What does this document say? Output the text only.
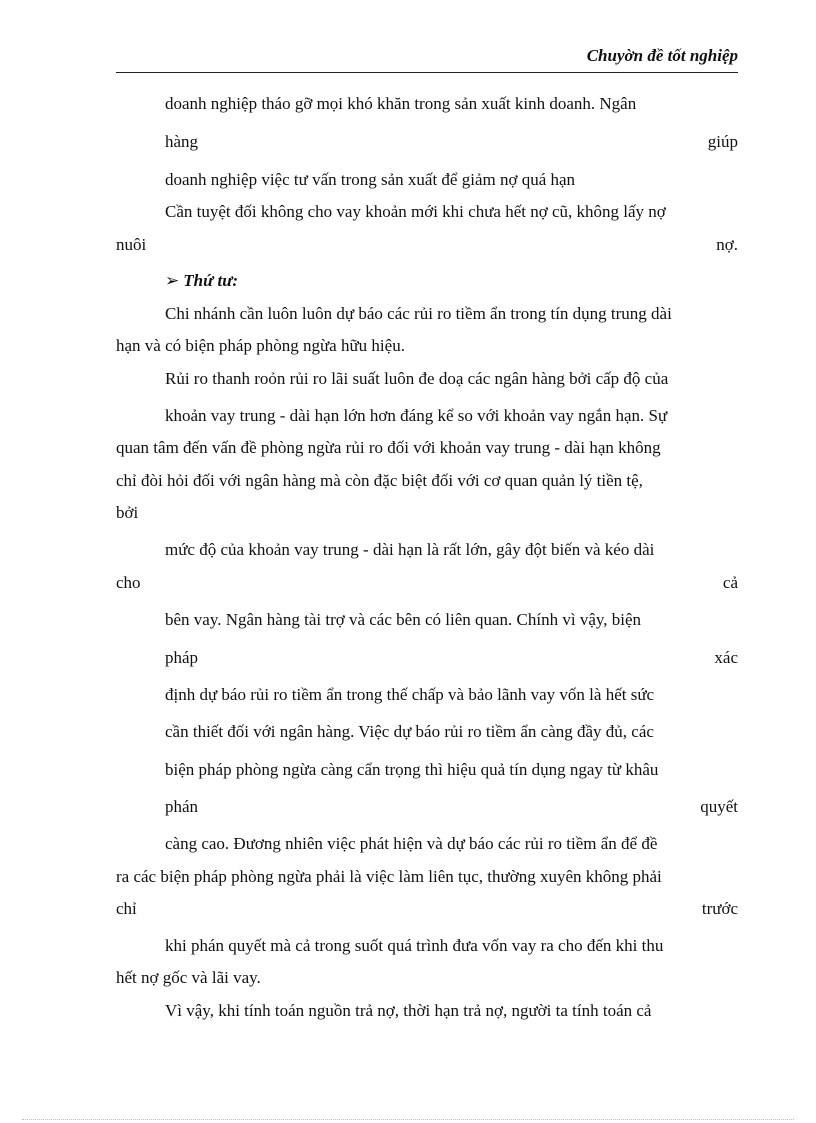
Chuyờn đề tốt nghiệp
doanh nghiệp tháo gỡ mọi khó khăn trong sản xuất kinh doanh. Ngân
hàng	giúp
doanh nghiệp việc tư vấn trong sản xuất để giảm nợ quá hạn
Cần tuyệt đối không cho vay khoản mới khi chưa hết nợ cũ, không lấy nợ
nuôi	nợ.
➢ Thứ tư:
Chi nhánh cần luôn luôn dự báo các rủi ro tiềm ẩn trong tín dụng trung dài
hạn và có biện pháp phòng ngừa hữu hiệu.
Rủi ro thanh roỏn rủi ro lãi suất luôn đe doạ các ngân hàng bởi cấp độ của
khoản vay trung - dài hạn lớn hơn đáng kể so với khoản vay ngắn hạn. Sự
quan tâm đến vấn đề phòng ngừa rủi ro đối với khoản vay trung - dài hạn không
chỉ đòi hỏi đối với ngân hàng mà còn đặc biệt đối với cơ quan quản lý tiền tệ,
bởi
mức độ của khoản vay trung - dài hạn là rất lớn, gây đột biến và kéo dài
cho	cả
bên vay. Ngân hàng tài trợ và các bên có liên quan. Chính vì vậy, biện
pháp	xác
định dự báo rủi ro tiềm ẩn trong thế chấp và bảo lãnh vay vốn là hết sức
cần thiết đối với ngân hàng. Việc dự báo rủi ro tiềm ẩn càng đầy đủ, các
biện pháp phòng ngừa càng cẩn trọng thì hiệu quả tín dụng ngay từ khâu
phán	quyết
càng cao. Đương nhiên việc phát hiện và dự báo các rủi ro tiềm ẩn để đề
ra các biện pháp phòng ngừa phải là việc làm liên tục, thường xuyên không phải
chỉ	trước
khi phán quyết mà cả trong suốt quá trình đưa vốn vay ra cho đến khi thu
hết nợ gốc và lãi vay.
Vì vậy, khi tính toán nguồn trả nợ, thời hạn trả nợ, người ta tính toán cả
